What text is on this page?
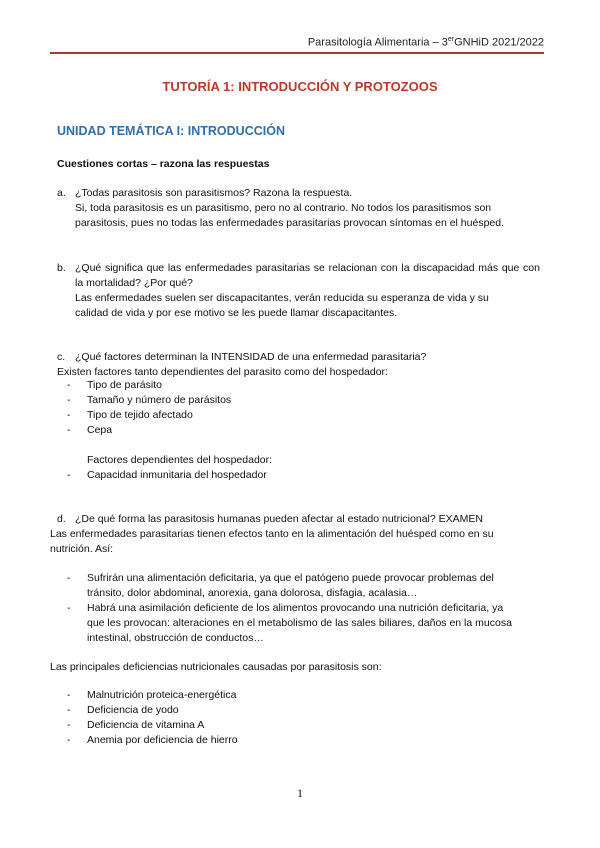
Parasitología Alimentaria – 3erGNHiD 2021/2022
TUTORÍA 1: INTRODUCCIÓN Y PROTOZOOS
UNIDAD TEMÁTICA I: INTRODUCCIÓN
Cuestiones cortas – razona las respuestas
a. ¿Todas parasitosis son parasitismos? Razona la respuesta.
Si, toda parasitosis es un parasitismo, pero no al contrario. No todos los parasitismos son
parasitosis, pues no todas las enfermedades parasitarias provocan síntomas en el huésped.
b. ¿Qué significa que las enfermedades parasitarias se relacionan con la discapacidad más que con la mortalidad? ¿Por qué?
Las enfermedades suelen ser discapacitantes, verán reducida su esperanza de vida y su
calidad de vida y por ese motivo se les puede llamar discapacitantes.
c. ¿Qué factores determinan la INTENSIDAD de una enfermedad parasitaria?
Existen factores tanto dependientes del parasito como del hospedador:
- Tipo de parásito
- Tamaño y número de parásitos
- Tipo de tejido afectado
- Cepa
Factores dependientes del hospedador:
- Capacidad inmunitaria del hospedador
d. ¿De qué forma las parasitosis humanas pueden afectar al estado nutricional? EXAMEN
Las enfermedades parasitarias tienen efectos tanto en la alimentación del huésped como en su
nutrición. Así:
- Sufrirán una alimentación deficitaria, ya que el patógeno puede provocar problemas del
tránsito, dolor abdominal, anorexia, gana dolorosa, disfagia, acalasia…
- Habrá una asimilación deficiente de los alimentos provocando una nutrición deficitaria, ya
que les provocan: alteraciones en el metabolismo de las sales biliares, daños en la mucosa
intestinal, obstrucción de conductos…
Las principales deficiencias nutricionales causadas por parasitosis son:
- Malnutrición proteica-energética
- Deficiencia de yodo
- Deficiencia de vitamina A
- Anemia por deficiencia de hierro
1
